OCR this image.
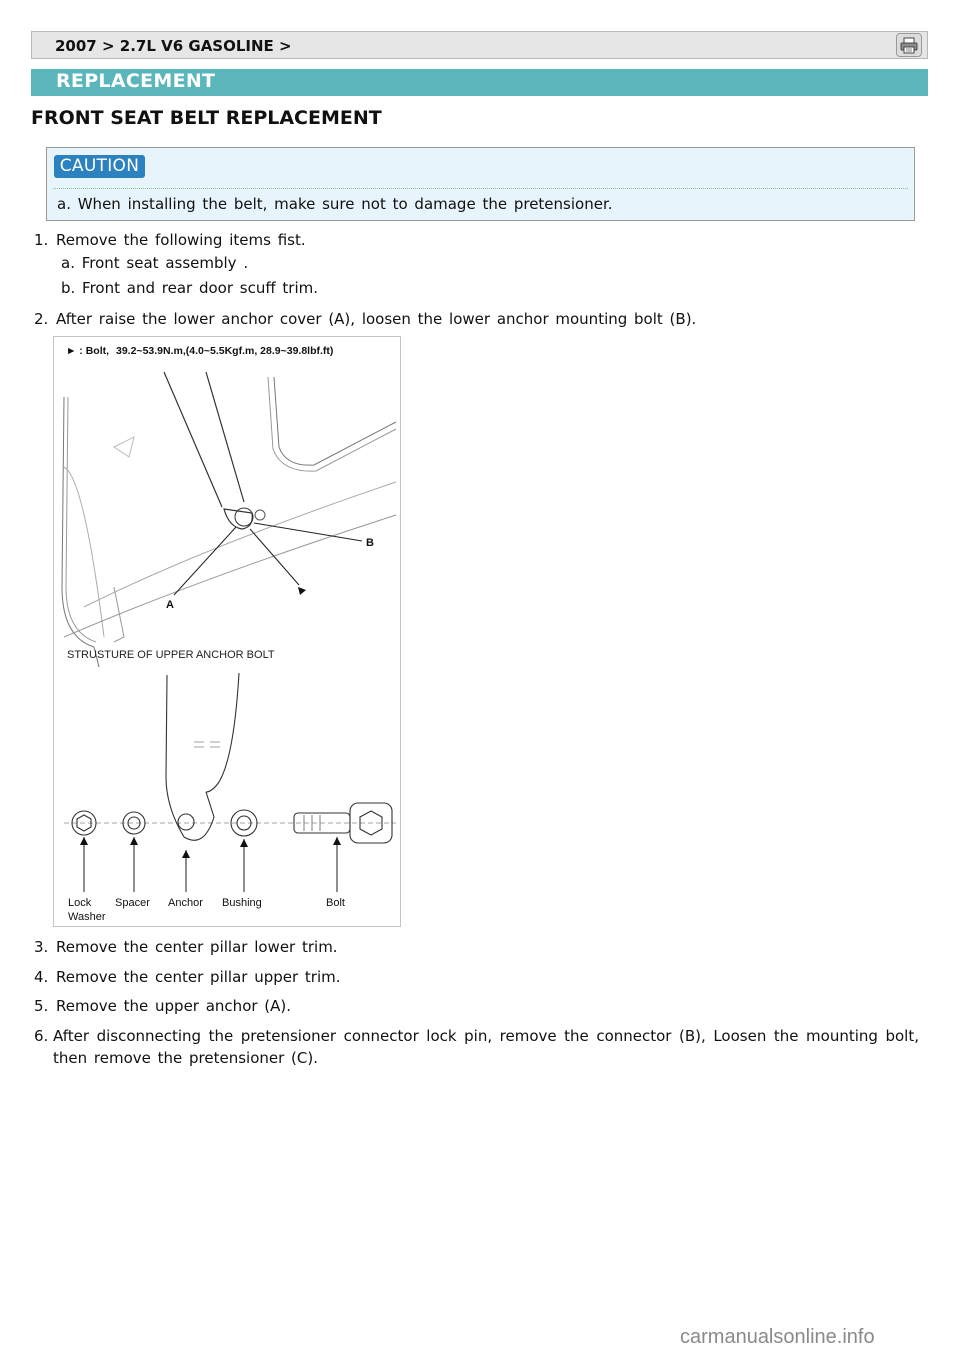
2007 > 2.7L V6 GASOLINE >
REPLACEMENT
FRONT SEAT BELT REPLACEMENT
CAUTION
a. When installing the belt, make sure not to damage the pretensioner.
1. Remove the following items fist.
a. Front seat assembly .
b. Front and rear door scuff trim.
2. After raise the lower anchor cover (A), loosen the lower anchor mounting bolt (B).
► : Bolt, 39.2~53.9N.m,(4.0~5.5Kgf.m, 28.9~39.8lbf.ft)
A
B
STRUSTURE OF UPPER ANCHOR BOLT
Lock
Washer
Spacer Anchor Bushing	Bolt
3. Remove the center pillar lower trim.
4. Remove the center pillar upper trim.
5. Remove the upper anchor (A).
6. After disconnecting the pretensioner connector lock pin, remove the connector (B), Loosen the mounting bolt, then remove the pretensioner (C).
carmanualsonline.info
